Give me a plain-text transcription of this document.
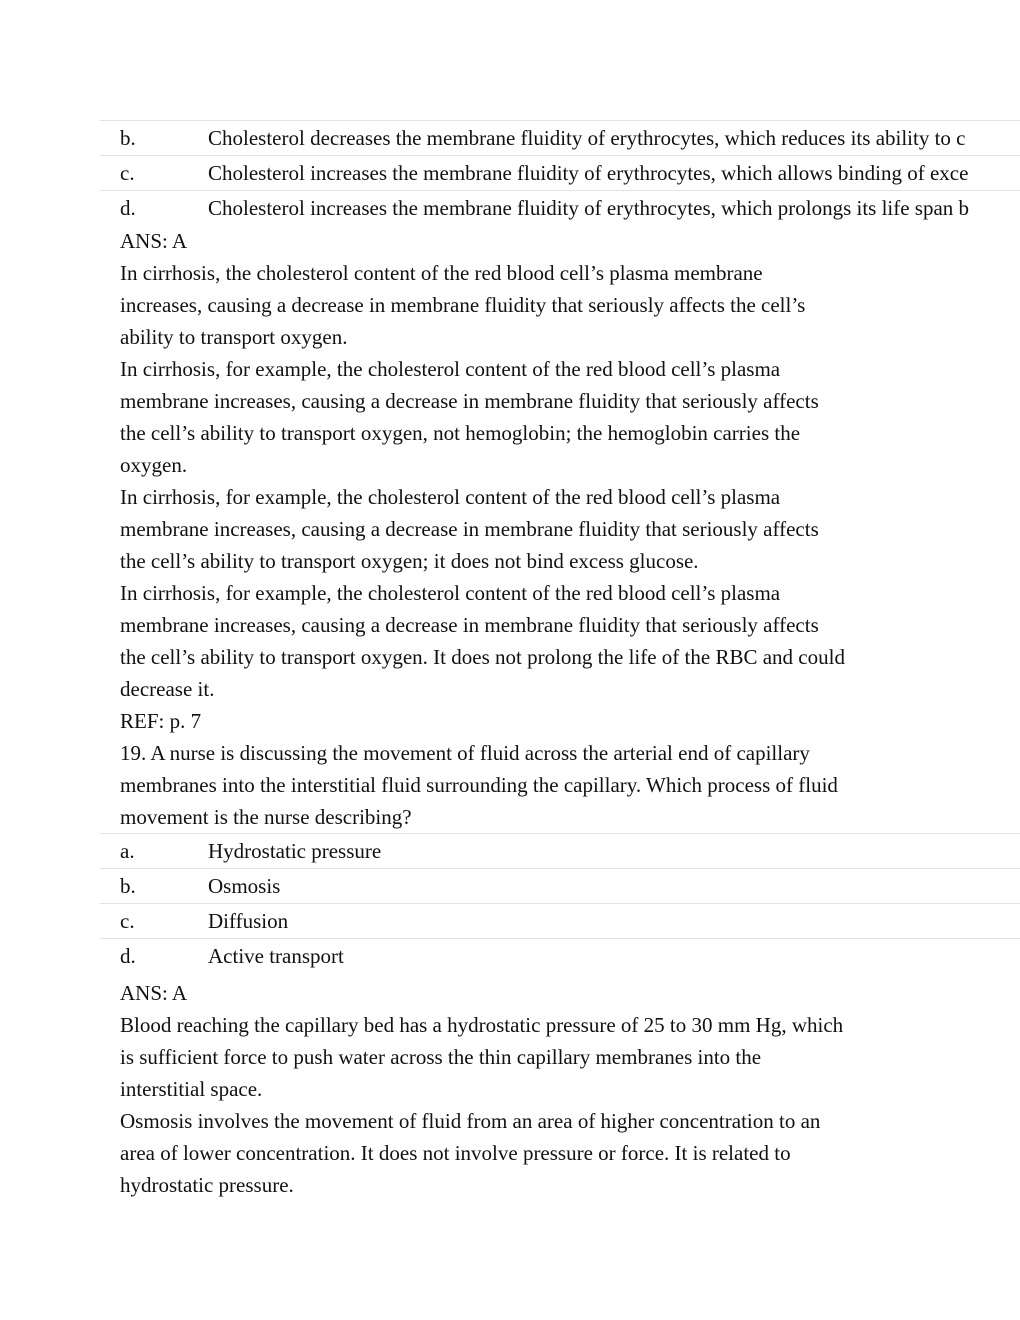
b.	Cholesterol decreases the membrane fluidity of erythrocytes, which reduces its ability to c
c.	Cholesterol increases the membrane fluidity of erythrocytes, which allows binding of exce
d.	Cholesterol increases the membrane fluidity of erythrocytes, which prolongs its life span b

ANS: A

In cirrhosis, the cholesterol content of the red blood cell’s plasma membrane
increases, causing a decrease in membrane fluidity that seriously affects the cell’s
ability to transport oxygen.

In cirrhosis, for example, the cholesterol content of the red blood cell’s plasma
membrane increases, causing a decrease in membrane fluidity that seriously affects
the cell’s ability to transport oxygen, not hemoglobin; the hemoglobin carries the
oxygen.

In cirrhosis, for example, the cholesterol content of the red blood cell’s plasma
membrane increases, causing a decrease in membrane fluidity that seriously affects
the cell’s ability to transport oxygen; it does not bind excess glucose.

In cirrhosis, for example, the cholesterol content of the red blood cell’s plasma
membrane increases, causing a decrease in membrane fluidity that seriously affects
the cell’s ability to transport oxygen. It does not prolong the life of the RBC and could
decrease it.

REF: p. 7

19. A nurse is discussing the movement of fluid across the arterial end of capillary
membranes into the interstitial fluid surrounding the capillary. Which process of fluid
movement is the nurse describing?

a.	Hydrostatic pressure
b.	Osmosis
c.	Diffusion
d.	Active transport

ANS: A

Blood reaching the capillary bed has a hydrostatic pressure of 25 to 30 mm Hg, which
is sufficient force to push water across the thin capillary membranes into the
interstitial space.

Osmosis involves the movement of fluid from an area of higher concentration to an
area of lower concentration. It does not involve pressure or force. It is related to
hydrostatic pressure.
